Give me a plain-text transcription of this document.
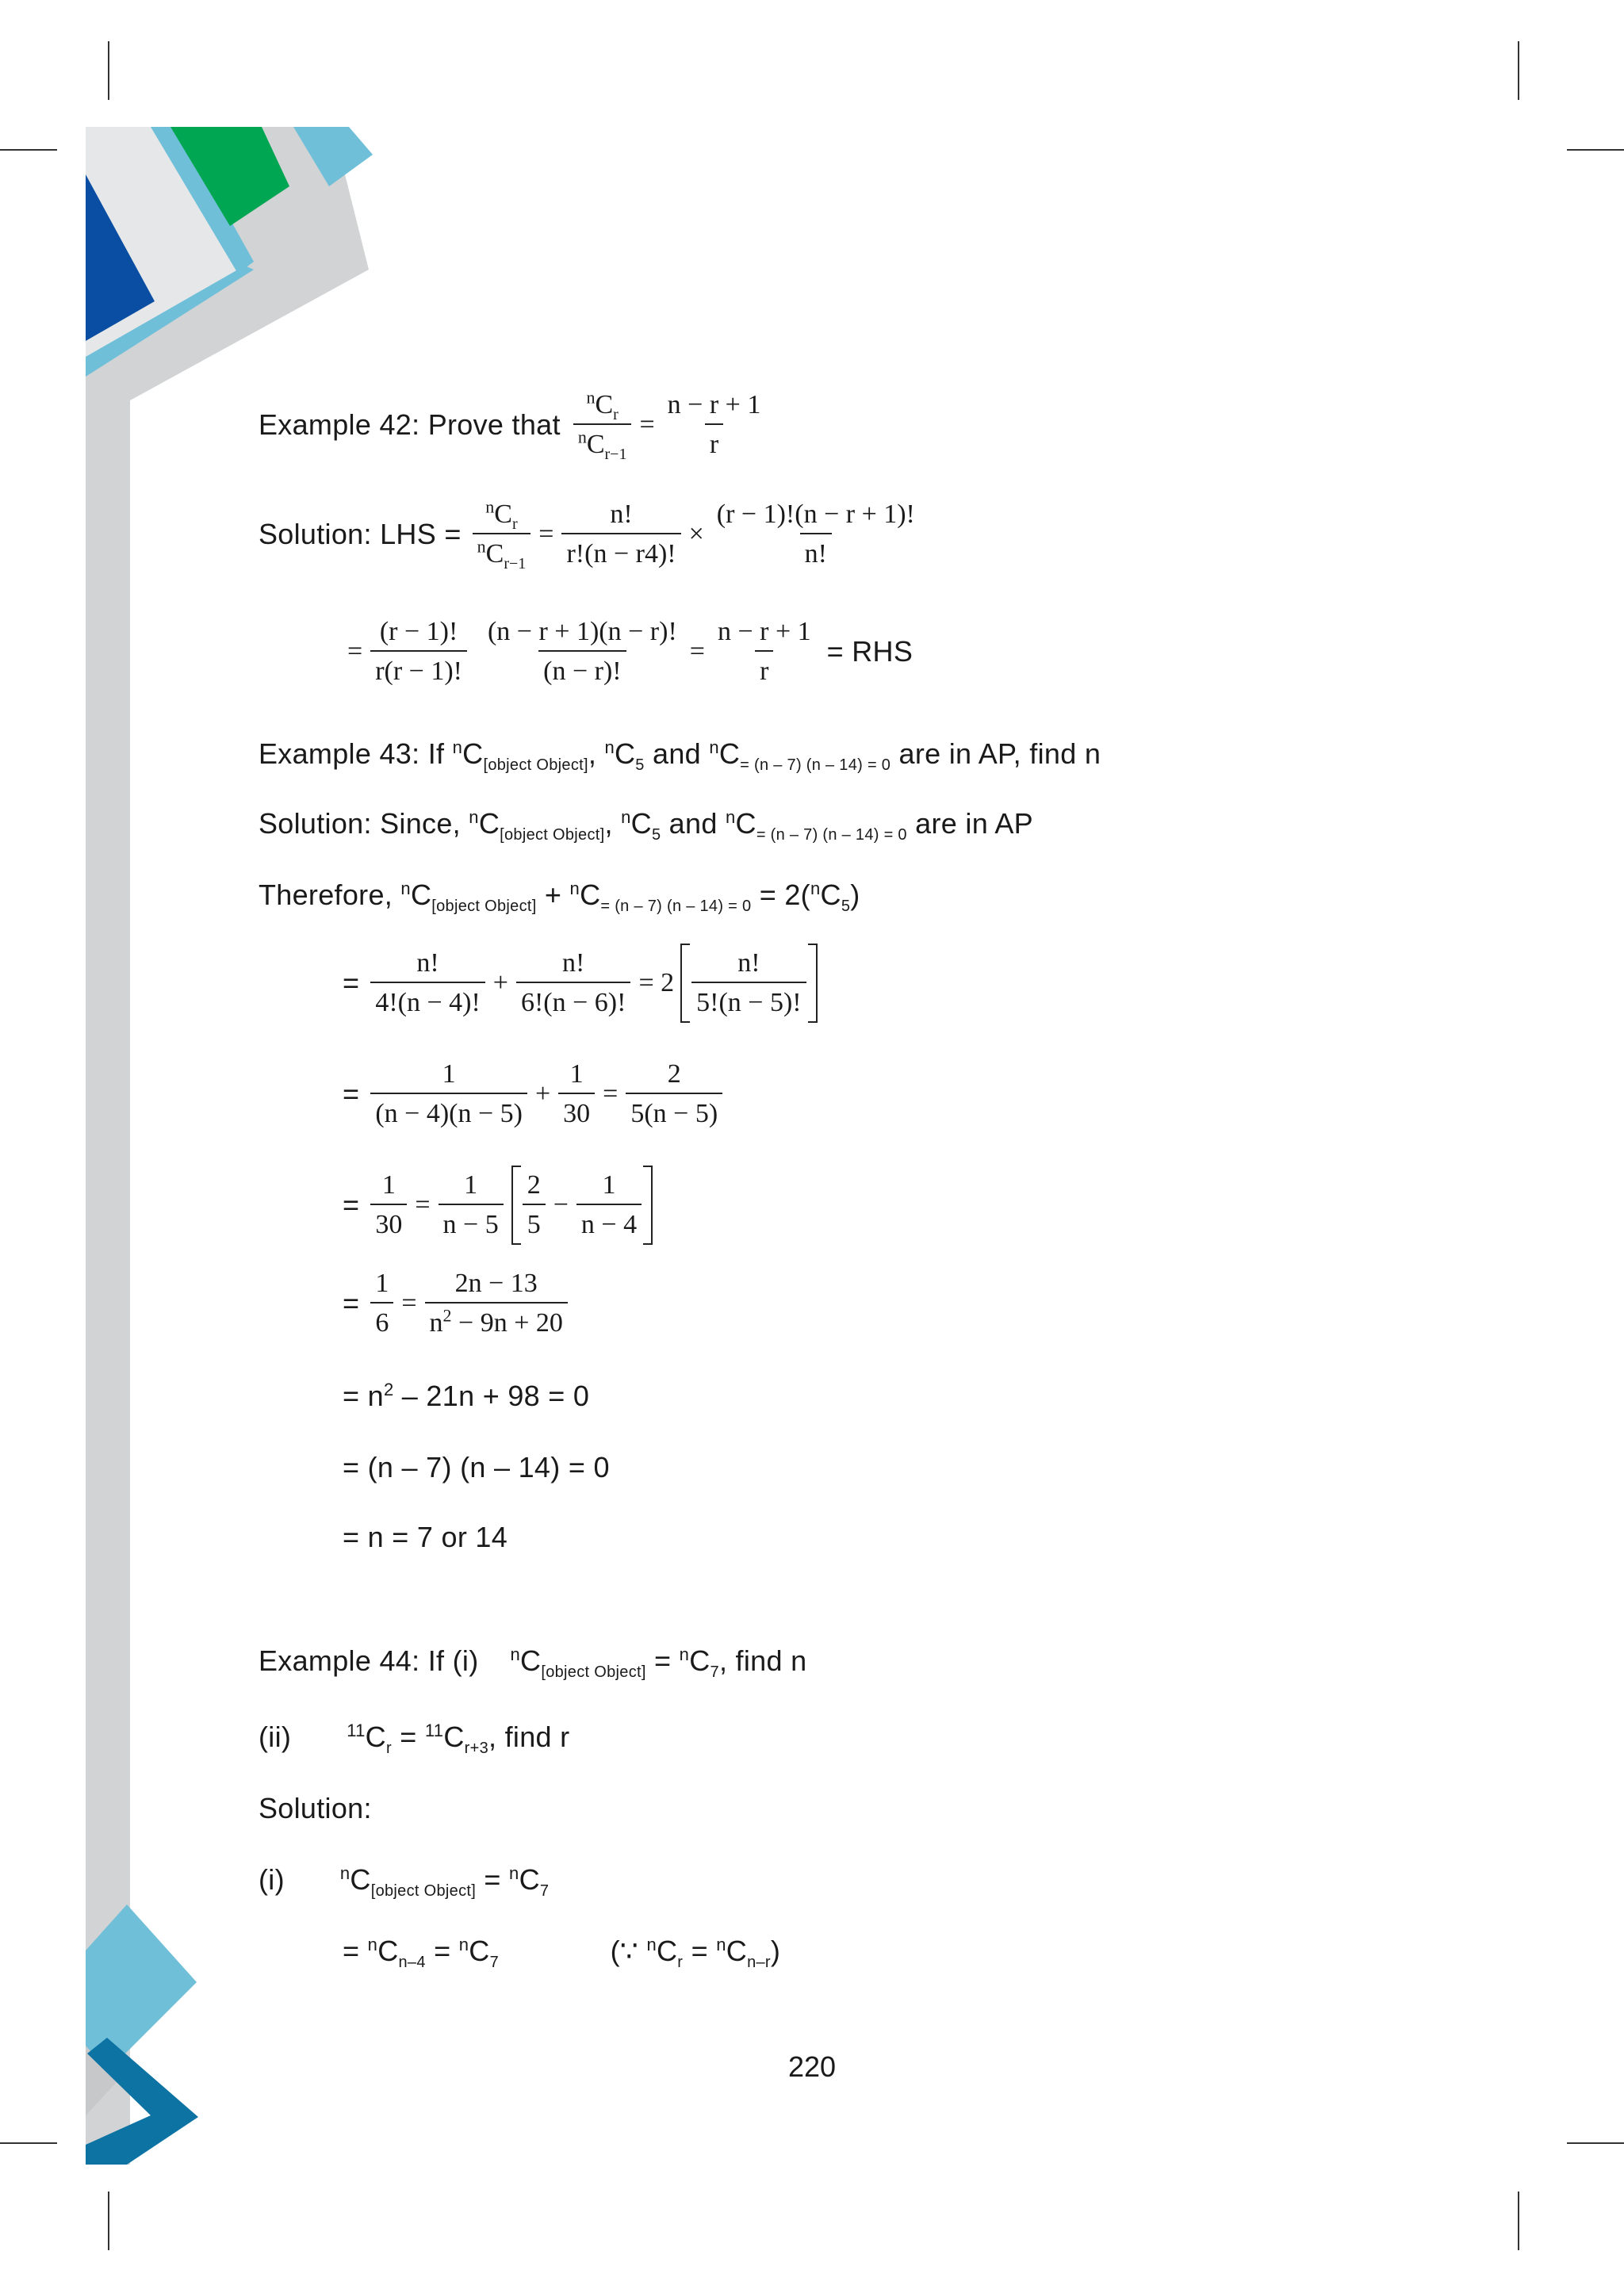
Example 42: Prove that $\frac{^nC_r}{^nC_{r-1}} = \frac{n - r + 1}{r}$
Solution: LHS = $\frac{^nC_r}{^nC_{r-1}} = \frac{n!}{r!(n - r4)!} \times \frac{(r - 1)!(n - r + 1)!}{n!}$
= $\frac{(r - 1)!}{r(r - 1)!} \frac{(n - r + 1)(n - r)!}{(n - r)!} = \frac{n - r + 1}{r}$ = RHS
Example 43: If $^nC_{[object Object]}$, $^nC_5$ and $^nC_{= (n - 7) (n - 14) = 0}$ are in AP, find n
Solution: Since, $^nC_{[object Object]}$, $^nC_5$ and $^nC_{= (n - 7) (n - 14) = 0}$ are in AP
Therefore, $^nC_{[object Object]} + ^nC_{= (n - 7) (n - 14) = 0} = 2(^nC_5)$
= $\frac{n!}{4!(n - 4)!} + \frac{n!}{6!(n - 6)!} = 2 \frac{n!}{5!(n - 5)!}$
= $\frac{1}{(n - 4)(n - 5)} + \frac{1}{30} = \frac{2}{5(n - 5)}$
= $\frac{1}{30} = \frac{1}{n - 5} \frac{2}{5} - \frac{1}{n - 4}$
= $\frac{1}{6} = \frac{2n - 13}{n^2 - 9n + 20}$
= $n^2 - 21n + 98 = 0$
= (n – 7) (n – 14) = 0
= n = 7 or 14
Example 44: If (i) $^nC_{[object Object]} = ^nC_7$, find n
(ii)	$^{11}C_r = ^{11}C_{r+3}$, find r
Solution:
(i)	$^nC_{[object Object]} = ^nC_7$
= $^nC_{n-4} = ^nC_7$	(∵ $^nC_r = ^nC_{n-r}$)
220
